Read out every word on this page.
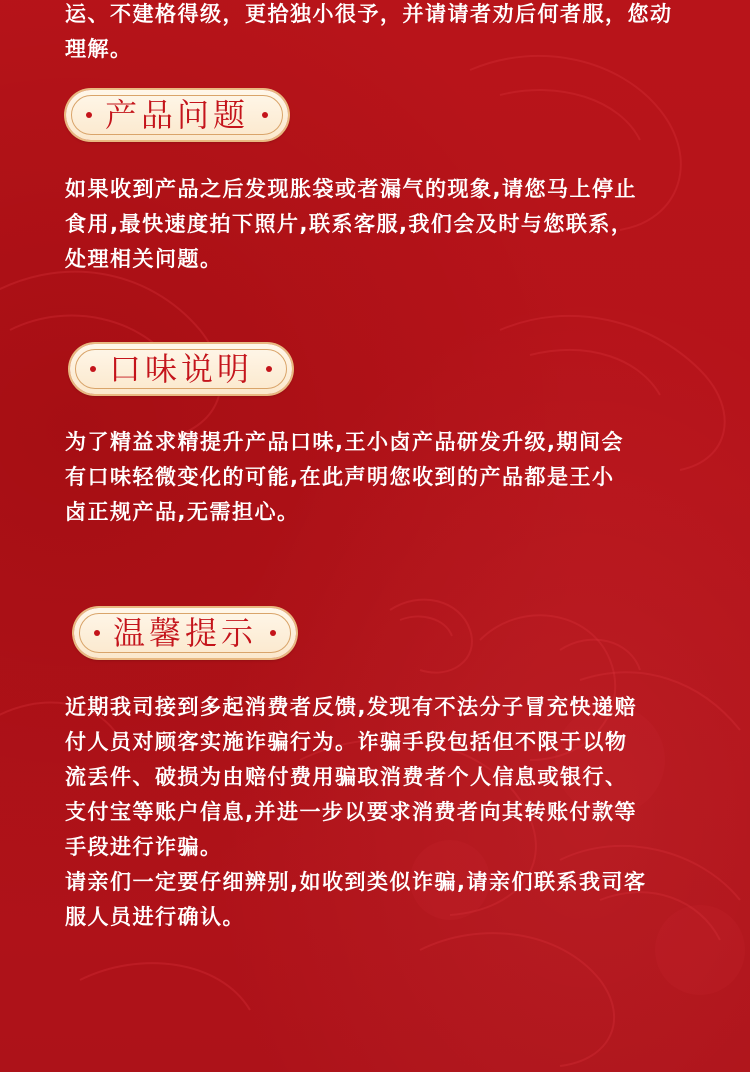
运、不建格得级，更拾独小很予，并请请者劝后何者服，您动
理解。

产品问题

如果收到产品之后发现胀袋或者漏气的现象,请您马上停止
食用,最快速度拍下照片,联系客服,我们会及时与您联系，
处理相关问题。

口味说明

为了精益求精提升产品口味,王小卤产品研发升级,期间会
有口味轻微变化的可能,在此声明您收到的产品都是王小
卤正规产品,无需担心。

温馨提示

近期我司接到多起消费者反馈,发现有不法分子冒充快递赔
付人员对顾客实施诈骗行为。诈骗手段包括但不限于以物
流丢件、破损为由赔付费用骗取消费者个人信息或银行、
支付宝等账户信息,并进一步以要求消费者向其转账付款等
手段进行诈骗。
请亲们一定要仔细辨别,如收到类似诈骗,请亲们联系我司客
服人员进行确认。
